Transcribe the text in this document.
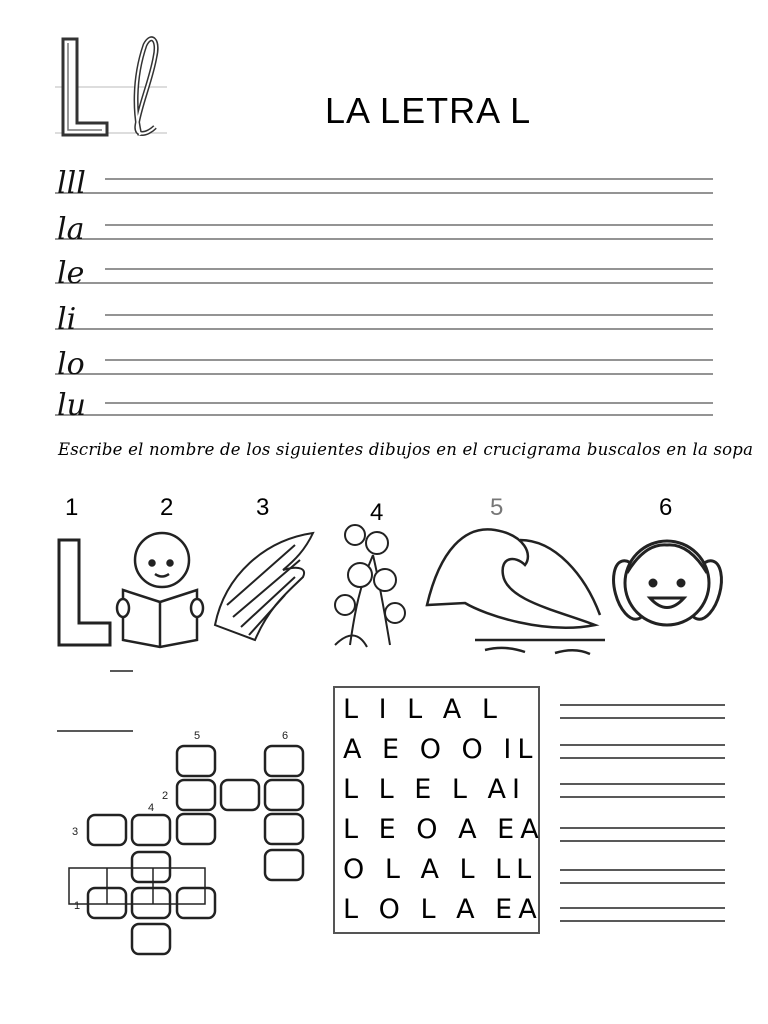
LA LETRA L
lll
la
le
li
lo
lu
Escribe el nombre de los siguientes dibujos en el crucigrama buscalos en la sopa
1	2	3	4	5	6
5	6
4
2
3
1
L I L A L
A E O O IL
L L E L AI
L E O A EA
O L A L LL
L O L A EA
